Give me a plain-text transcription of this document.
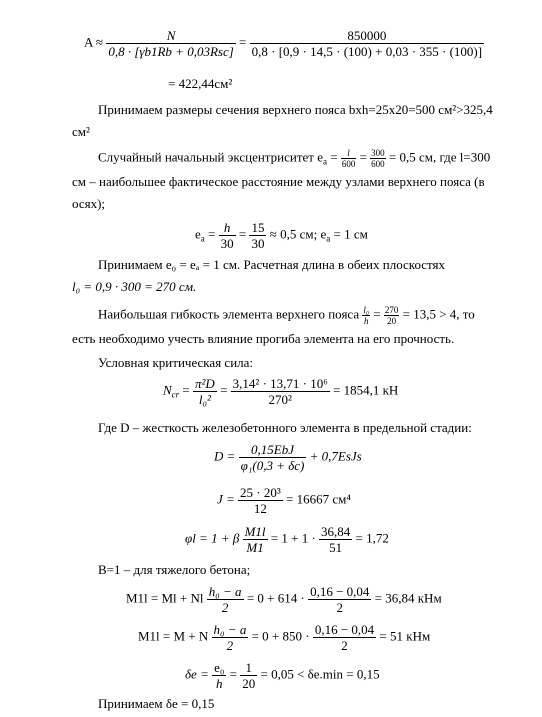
$A \approx \frac{N}{\text{0,8 · [γb1Rb + 0,03Rsc]}} = \frac{850000}{0,8 \cdot [0,9 \cdot 14,5 \cdot (100) + 0,03 \cdot 355 \cdot (100)]}$
= 422,44см²
Принимаем размеры сечения верхнего пояса bxh=25х20=500 см²>325,4
см²
Случайный начальный эксцентриситет $e_a = \frac{l}{600} = \frac{300}{600} = 0,5$ см, где l=300
см – наибольшее фактическое расстояние между узлами верхнего пояса (в
осях);
$e_a = \frac{h}{30} = \frac{15}{30} \approx 0,5$ см; $e_a = 1$ см
Принимаем e₀ = eₐ = 1 см. Расчетная длина в обеих плоскостях
l₀ = 0,9 · 300 = 270 см.
Наибольшая гибкость элемента верхнего пояса $\frac{\text{l₀}}{h} = \frac{270}{20} = 13,5 > 4$, то
есть необходимо учесть влияние прогиба элемента на его прочность.
Условная критическая сила:
$N_{cr} = \frac{\text{π²D}}{\text{l₀²}} = \frac{\text{3,14² · 13,71 · 10⁶}}{\text{270²}} = 1854,1$ кН
Где D – жесткость железобетонного элемента в предельной стадии:
$D = \frac{\text{0,15EbJ}}{\text{φ₁(0,3 + δc)}}$ + 0,7EsJs
$J = \frac{\text{25 · 20³}}{12} = 16667$ см⁴
φl = 1 + β $\frac{M1l}{M1} = 1 + 1 \cdot \frac{36,84}{51} = 1,72$
В=1 – для тяжелого бетона;
M1l = Ml + Nl $\frac{\text{h₀ − a}}{2} = 0 + 614 \cdot \frac{0,16 - 0,04}{2} = 36,84$ кНм
M1l = M + N $\frac{\text{h₀ − a}}{2} = 0 + 850 \cdot \frac{0,16 - 0,04}{2} = 51$ кНм
$\delta e = \frac{\text{e₀}}{h} = \frac{1}{20} = 0,05 < \delta e.\min = 0,15$
Принимаем δe = 0,15
